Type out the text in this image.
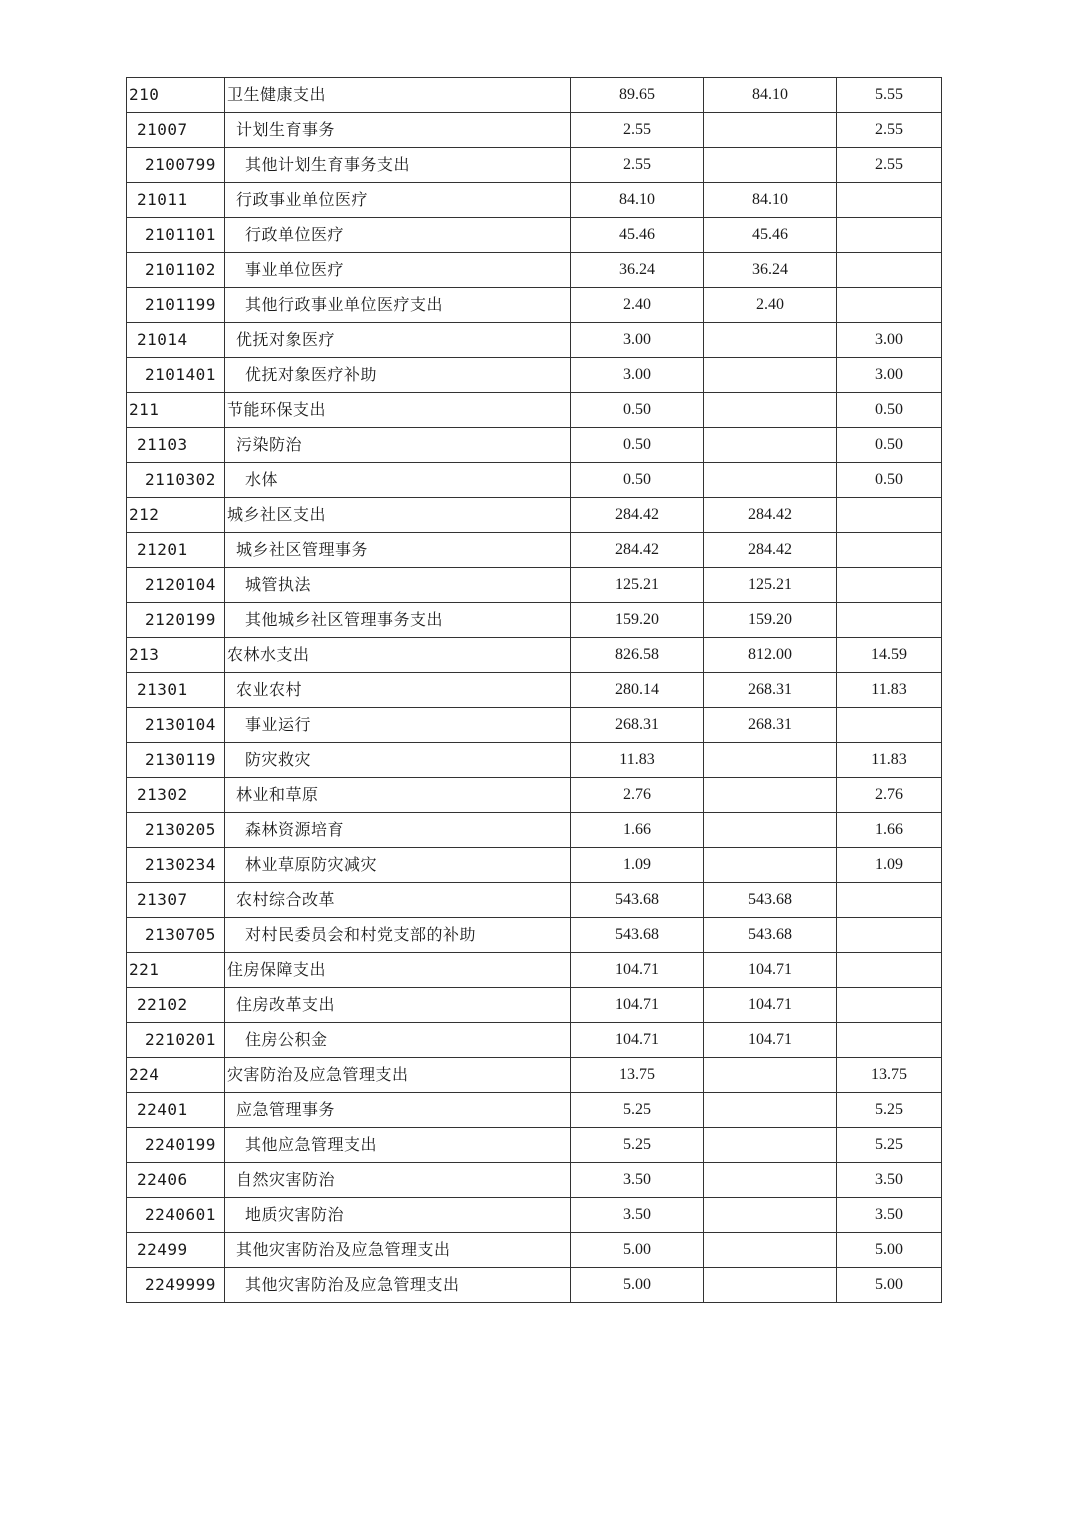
210	卫生健康支出	89.65	84.10	5.55
21007	计划生育事务	2.55		2.55
2100799	其他计划生育事务支出	2.55		2.55
21011	行政事业单位医疗	84.10	84.10	
2101101	行政单位医疗	45.46	45.46	
2101102	事业单位医疗	36.24	36.24	
2101199	其他行政事业单位医疗支出	2.40	2.40	
21014	优抚对象医疗	3.00		3.00
2101401	优抚对象医疗补助	3.00		3.00
211	节能环保支出	0.50		0.50
21103	污染防治	0.50		0.50
2110302	水体	0.50		0.50
212	城乡社区支出	284.42	284.42	
21201	城乡社区管理事务	284.42	284.42	
2120104	城管执法	125.21	125.21	
2120199	其他城乡社区管理事务支出	159.20	159.20	
213	农林水支出	826.58	812.00	14.59
21301	农业农村	280.14	268.31	11.83
2130104	事业运行	268.31	268.31	
2130119	防灾救灾	11.83		11.83
21302	林业和草原	2.76		2.76
2130205	森林资源培育	1.66		1.66
2130234	林业草原防灾减灾	1.09		1.09
21307	农村综合改革	543.68	543.68	
2130705	对村民委员会和村党支部的补助	543.68	543.68	
221	住房保障支出	104.71	104.71	
22102	住房改革支出	104.71	104.71	
2210201	住房公积金	104.71	104.71	
224	灾害防治及应急管理支出	13.75		13.75
22401	应急管理事务	5.25		5.25
2240199	其他应急管理支出	5.25		5.25
22406	自然灾害防治	3.50		3.50
2240601	地质灾害防治	3.50		3.50
22499	其他灾害防治及应急管理支出	5.00		5.00
2249999	其他灾害防治及应急管理支出	5.00		5.00
